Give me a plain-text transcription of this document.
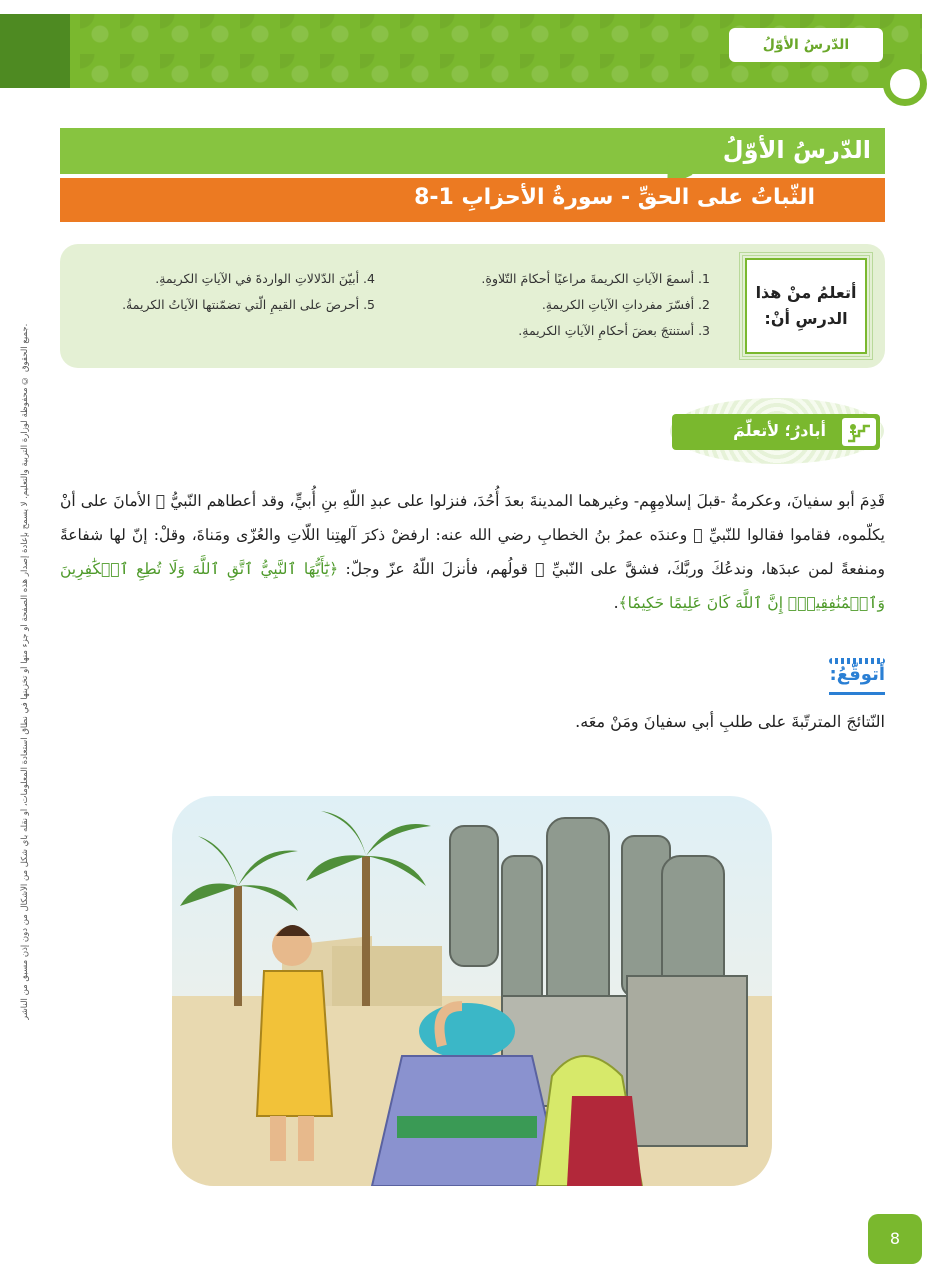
الدّرسُ الأوّلُ
الدّرسُ الأوّلُ
الثّباتُ على الحقِّ - سورةُ الأحزابِ 1-8
أتعلمُ منْ هذا الدرسِ أنْ:
1. أسمعَ الآياتِ الكريمةَ مراعيًا أحكامَ التّلاوةِ.
2. أفسّرَ مفرداتِ الآياتِ الكريمةِ.
3. أستنتجَ بعضَ أحكامِ الآياتِ الكريمةِ.
4. أبيّنَ الدّلالاتِ الواردةَ في الآياتِ الكريمةِ.
5. أحرصَ على القيمِ الّتي تضمّنتها الآياتُ الكريمةُ.
جميع الحقوق © محفوظة لوزارة التربية والتعليم. لا يسمح بإعادة إصدار هذه الصفحة أو جزء منها أو تخزينها في نطاق استعادة المعلومات، أو نقله بأي شكل من الأشكال من دون إذن مسبق من الناشر.
أبادرُ؛ لأتعلّمَ
قَدِمَ أبو سفيانَ، وعكرمةُ -قبلَ إسلامِهِم- وغيرهما المدينةَ بعدَ أُحُدَ، فنزلوا على عبدِ اللّهِ بنِ أُبيٍّ، وقد أعطاهم النّبيُّ ﷺ الأمانَ على أنْ يكلّموه، فقاموا فقالوا للنّبيِّ ﷺ وعندَه عمرُ بنُ الخطابِ رضي الله عنه: ارفضْ ذكرَ آلهتِنا اللّاتِ والعُزّى ومَناةَ، وقلْ: إنّ لها شفاعةً ومنفعةً لمن عبدَها، وندعُكَ وربَّكَ، فشقَّ على النّبيِّ ﷺ قولُهم، فأنزلَ اللّهُ عزّ وجلّ: ﴿يَٰٓأَيُّهَا ٱلنَّبِيُّ ٱتَّقِ ٱللَّهَ وَلَا تُطِعِ ٱلۡكَٰفِرِينَ وَٱلۡمُنَٰفِقِينَۚ إِنَّ ٱللَّهَ كَانَ عَلِيمًا حَكِيمٗا﴾.
أتوقّعُ:
النّتائجَ المترتّبةَ على طلبِ أبي سفيانَ ومَنْ معَه.
8
